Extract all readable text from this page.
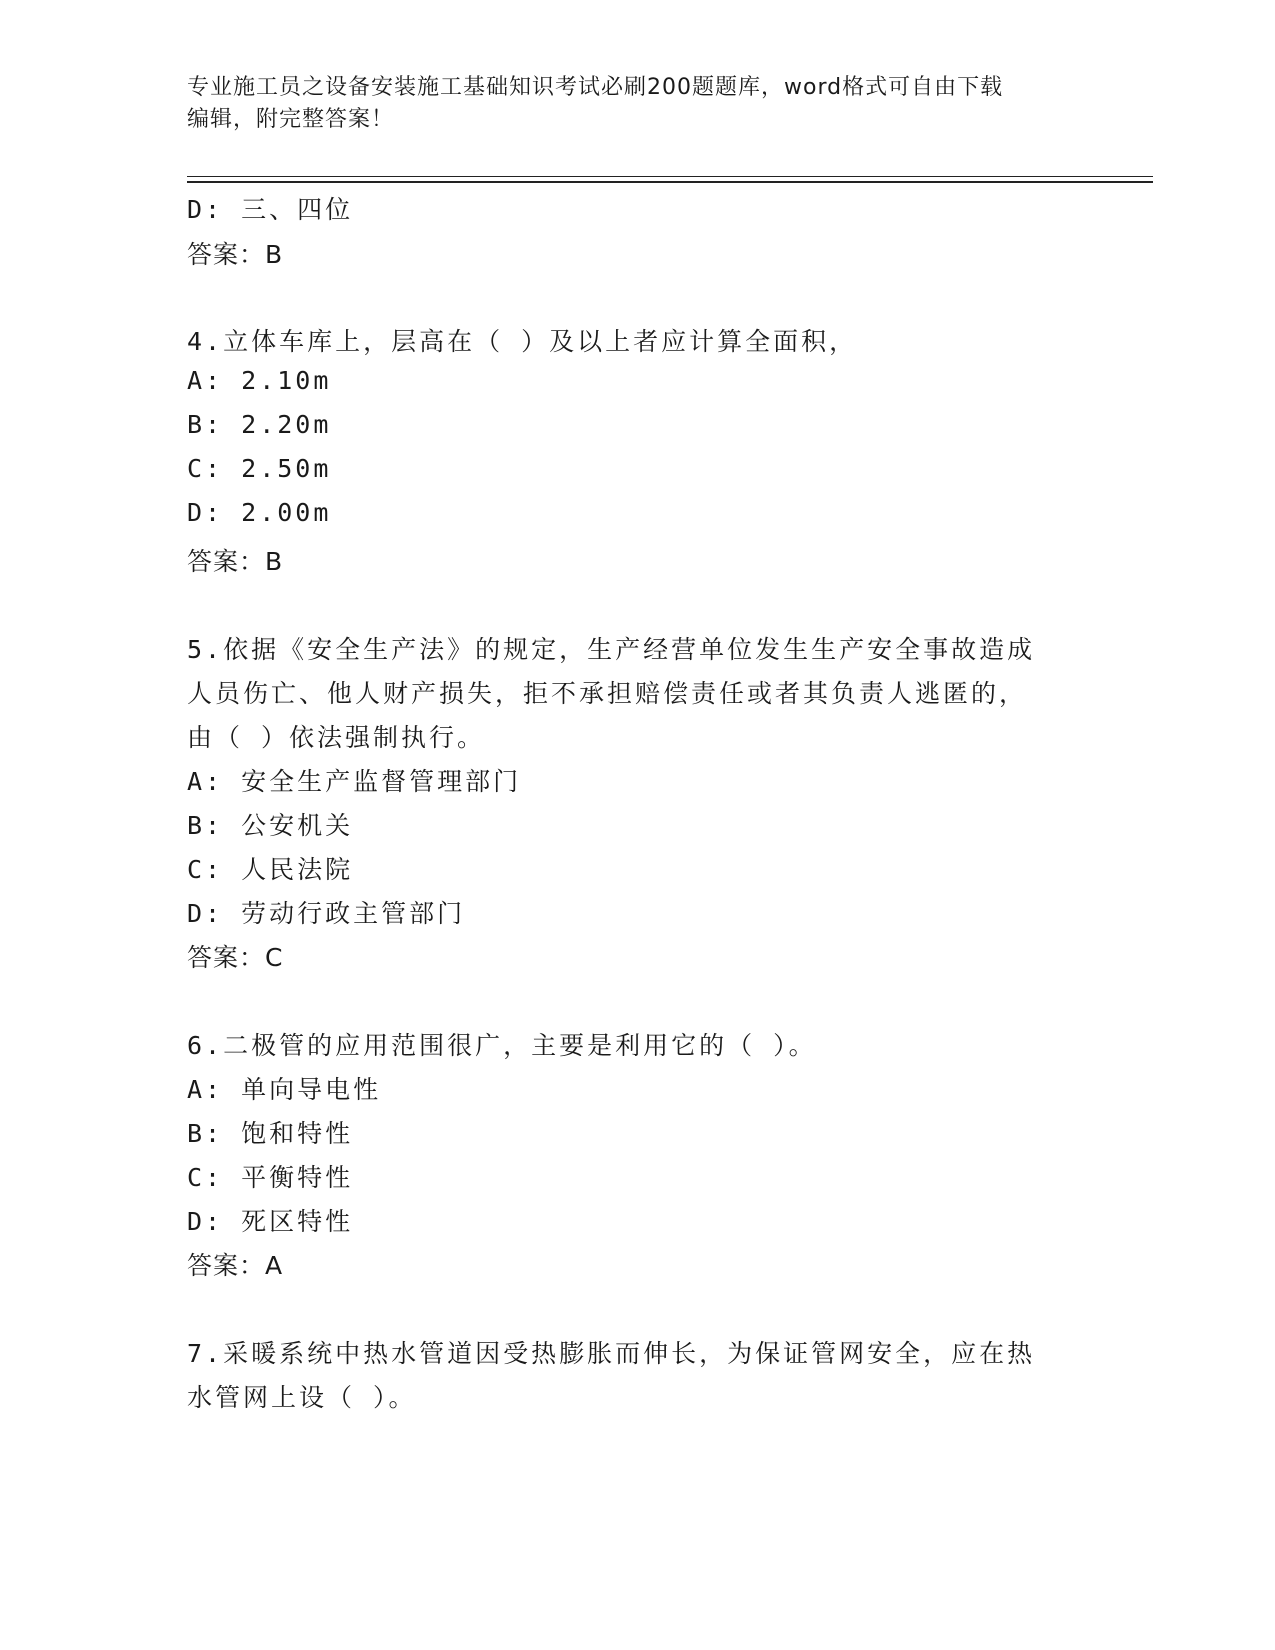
专业施工员之设备安装施工基础知识考试必刷200题题库，word格式可自由下载
编辑，附完整答案！
D: 三、四位
答案：B
4.立体车库上，层高在（ ）及以上者应计算全面积，
A: 2.10m
B: 2.20m
C: 2.50m
D: 2.00m
答案：B
5.依据《安全生产法》的规定，生产经营单位发生生产安全事故造成
人员伤亡、他人财产损失，拒不承担赔偿责任或者其负责人逃匿的，
由（ ）依法强制执行。
A: 安全生产监督管理部门
B: 公安机关
C: 人民法院
D: 劳动行政主管部门
答案：C
6.二极管的应用范围很广，主要是利用它的（ ）。
A: 单向导电性
B: 饱和特性
C: 平衡特性
D: 死区特性
答案：A
7.采暖系统中热水管道因受热膨胀而伸长，为保证管网安全，应在热
水管网上设（ ）。
